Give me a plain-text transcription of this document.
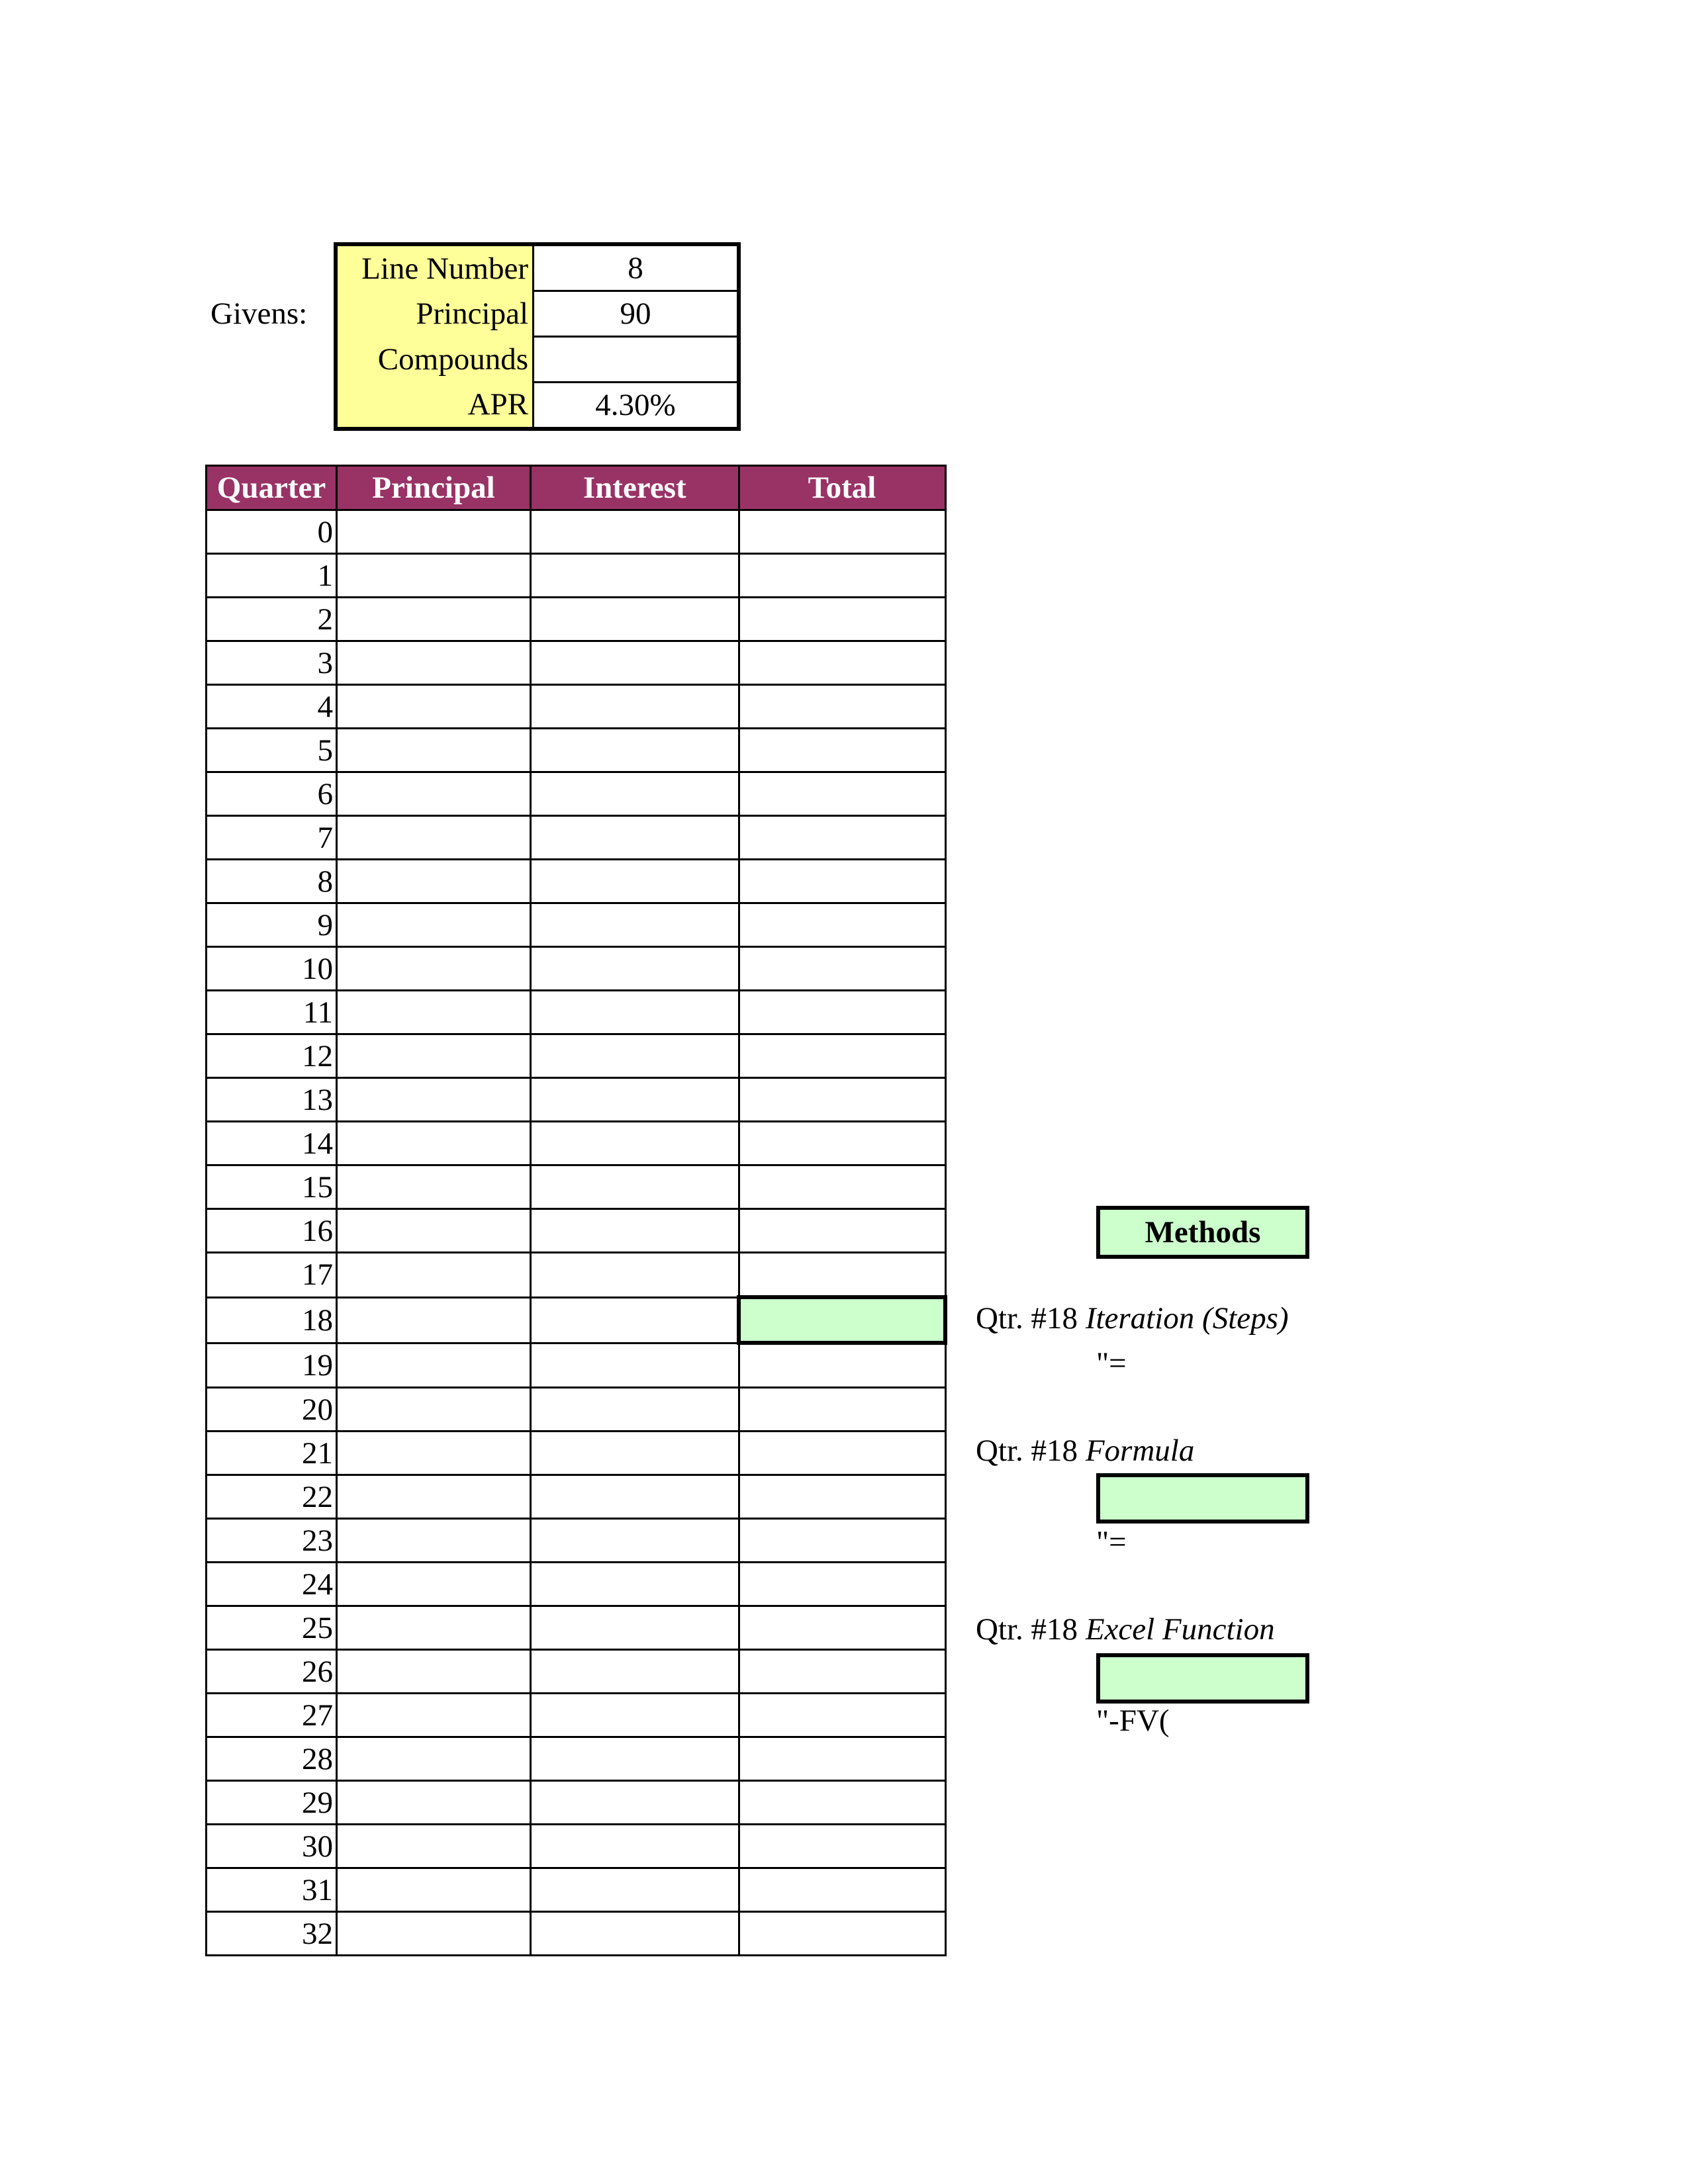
Givens:
Line Number	8
Principal	90
Compounds	
APR	4.30%
Quarter	Principal	Interest	Total
0			
1			
2			
3			
4			
5			
6			
7			
8			
9			
10			
11			
12			
13			
14			
15			
16			
17			
18			
19			
20			
21			
22			
23			
24			
25			
26			
27			
28			
29			
30			
31			
32			
Methods
Qtr. #18 Iteration (Steps)
"=
Qtr. #18 Formula
"=
Qtr. #18 Excel Function
"-FV(
